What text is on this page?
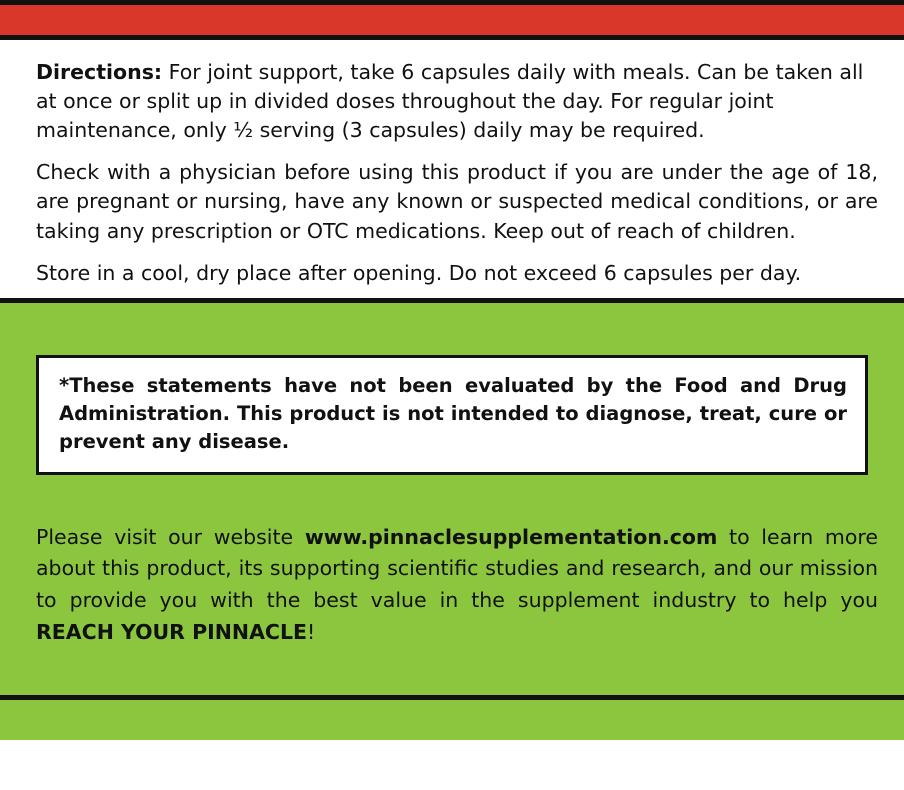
Directions: For joint support, take 6 capsules daily with meals. Can be taken all at once or split up in divided doses throughout the day. For regular joint maintenance, only ½ serving (3 capsules) daily may be required.

Check with a physician before using this product if you are under the age of 18, are pregnant or nursing, have any known or suspected medical conditions, or are taking any prescription or OTC medications. Keep out of reach of children.

Store in a cool, dry place after opening. Do not exceed 6 capsules per day.

*These statements have not been evaluated by the Food and Drug Administration. This product is not intended to diagnose, treat, cure or prevent any disease.

Please visit our website www.pinnaclesupplementation.com to learn more about this product, its supporting scientific studies and research, and our mission to provide you with the best value in the supplement industry to help you REACH YOUR PINNACLE!
